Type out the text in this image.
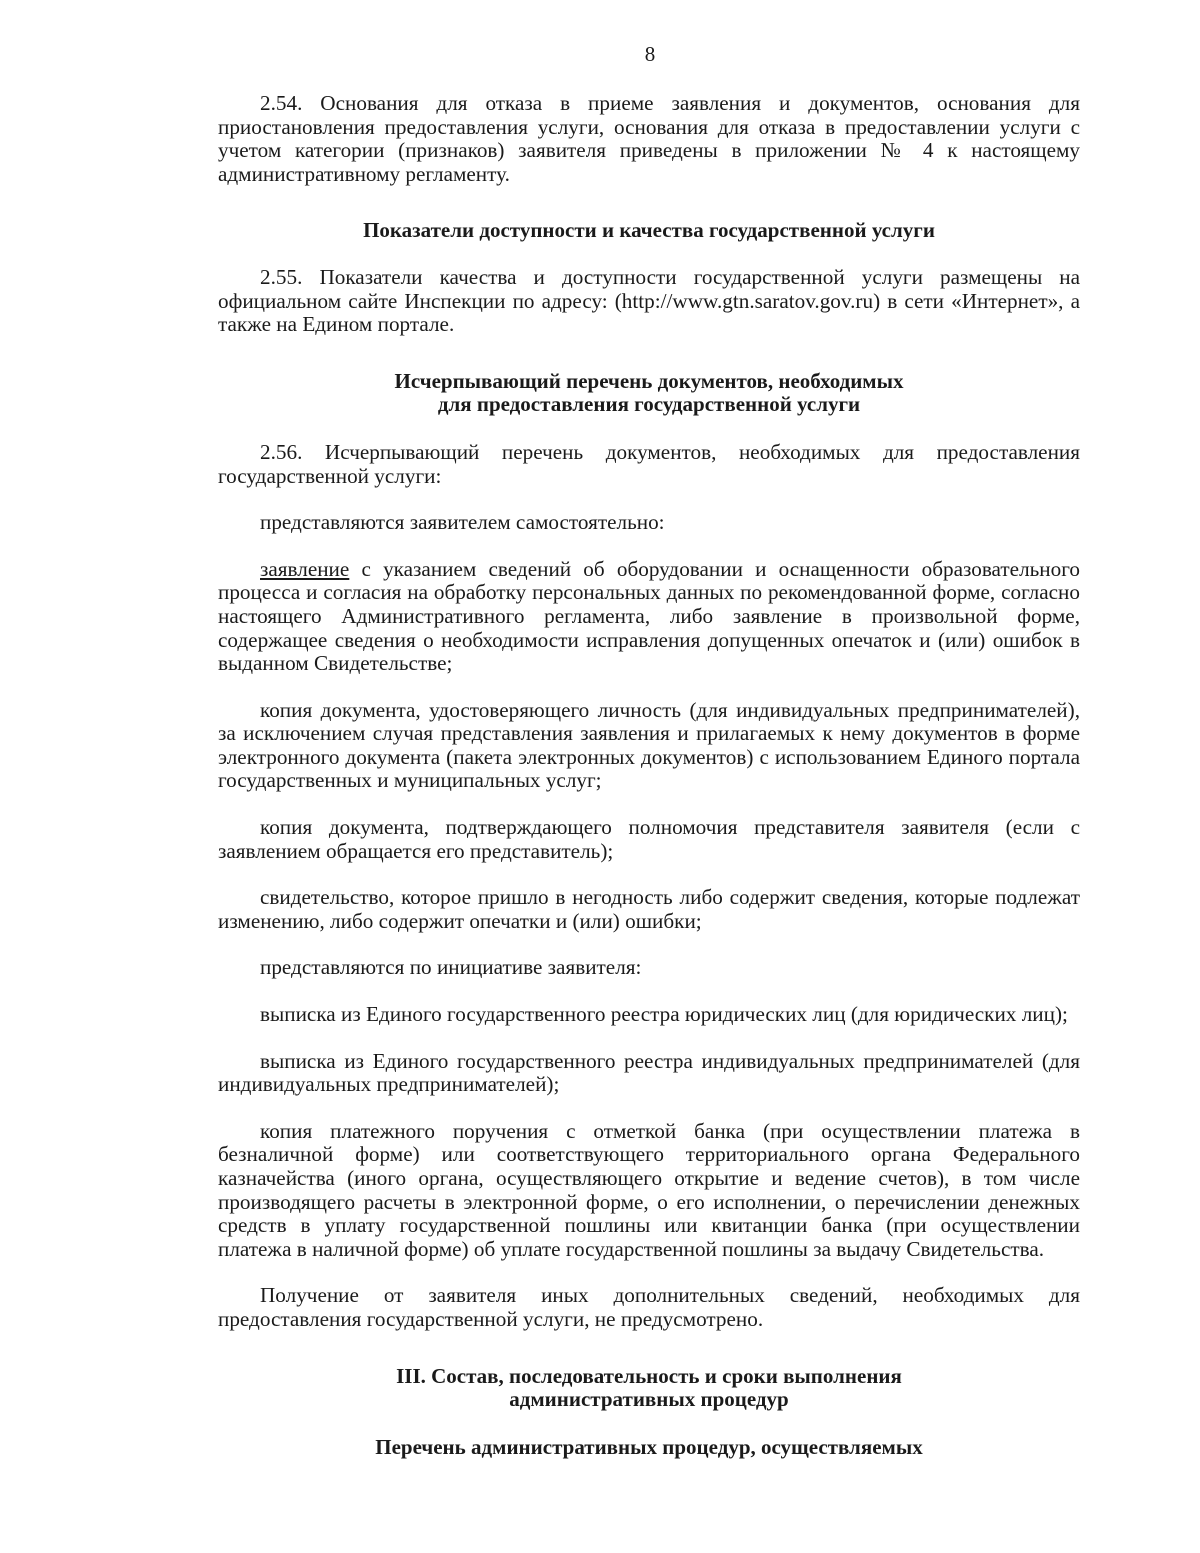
8

2.54. Основания для отказа в приеме заявления и документов, основания для приостановления предоставления услуги, основания для отказа в предоставлении услуги с учетом категории (признаков) заявителя приведены в приложении № 4 к настоящему административному регламенту.

Показатели доступности и качества государственной услуги

2.55. Показатели качества и доступности государственной услуги размещены на официальном сайте Инспекции по адресу: (http://www.gtn.saratov.gov.ru) в сети «Интернет», а также на Едином портале.

Исчерпывающий перечень документов, необходимых
для предоставления государственной услуги

2.56. Исчерпывающий перечень документов, необходимых для предоставления государственной услуги:

представляются заявителем самостоятельно:

заявление с указанием сведений об оборудовании и оснащенности образовательного процесса и согласия на обработку персональных данных по рекомендованной форме, согласно настоящего Административного регламента, либо заявление в произвольной форме, содержащее сведения о необходимости исправления допущенных опечаток и (или) ошибок в выданном Свидетельстве;

копия документа, удостоверяющего личность (для индивидуальных предпринимателей), за исключением случая представления заявления и прилагаемых к нему документов в форме электронного документа (пакета электронных документов) с использованием Единого портала государственных и муниципальных услуг;

копия документа, подтверждающего полномочия представителя заявителя (если с заявлением обращается его представитель);

свидетельство, которое пришло в негодность либо содержит сведения, которые подлежат изменению, либо содержит опечатки и (или) ошибки;

представляются по инициативе заявителя:

выписка из Единого государственного реестра юридических лиц (для юридических лиц);

выписка из Единого государственного реестра индивидуальных предпринимателей (для индивидуальных предпринимателей);

копия платежного поручения с отметкой банка (при осуществлении платежа в безналичной форме) или соответствующего территориального органа Федерального казначейства (иного органа, осуществляющего открытие и ведение счетов), в том числе производящего расчеты в электронной форме, о его исполнении, о перечислении денежных средств в уплату государственной пошлины или квитанции банка (при осуществлении платежа в наличной форме) об уплате государственной пошлины за выдачу Свидетельства.

Получение от заявителя иных дополнительных сведений, необходимых для предоставления государственной услуги, не предусмотрено.

III. Состав, последовательность и сроки выполнения
административных процедур
Перечень административных процедур, осуществляемых
